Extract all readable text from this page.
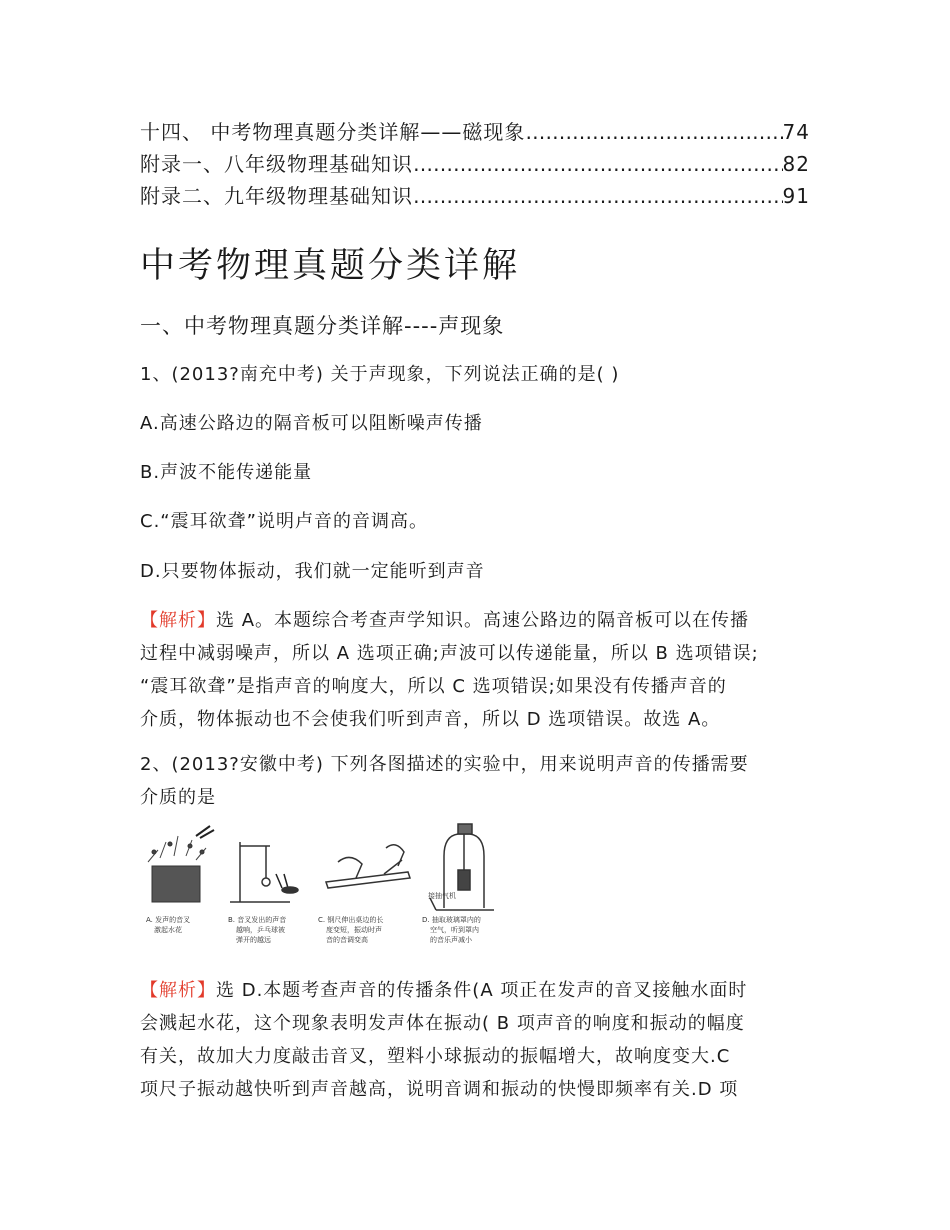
十四、 中考物理真题分类详解——磁现象 ……………………………………………………………………………………………………	74
附录一、八年级物理基础知识 ……………………………………………………………………………………………………	82
附录二、九年级物理基础知识 ……………………………………………………………………………………………………	91
中考物理真题分类详解
一、中考物理真题分类详解----声现象

1、(2013?南充中考) 关于声现象，下列说法正确的是( )

A.高速公路边的隔音板可以阻断噪声传播

B.声波不能传递能量

C.“震耳欲聋”说明卢音的音调高。

D.只要物体振动，我们就一定能听到声音

【解析】选 A。本题综合考查声学知识。高速公路边的隔音板可以在传播
过程中减弱噪声，所以 A 选项正确;声波可以传递能量，所以 B 选项错误;
“震耳欲聋”是指声音的响度大，所以 C 选项错误;如果没有传播声音的
介质，物体振动也不会使我们听到声音，所以 D 选项错误。故选 A。
2、(2013?安徽中考) 下列各图描述的实验中，用来说明声音的传播需要
介质的是
接抽气机
A. 发声的音叉
激起水花
B. 音叉发出的声音
越响，乒乓球被
弹开的越远
C. 钢尺伸出桌边的长
度变短，振动时声
音的音调变高
D. 抽取玻璃罩内的
空气，听到罩内
的音乐声减小
【解析】选 D.本题考查声音的传播条件(A 项正在发声的音叉接触水面时
会溅起水花，这个现象表明发声体在振动( B 项声音的响度和振动的幅度
有关，故加大力度敲击音叉，塑料小球振动的振幅增大，故响度变大.C
项尺子振动越快听到声音越高，说明音调和振动的快慢即频率有关.D 项
